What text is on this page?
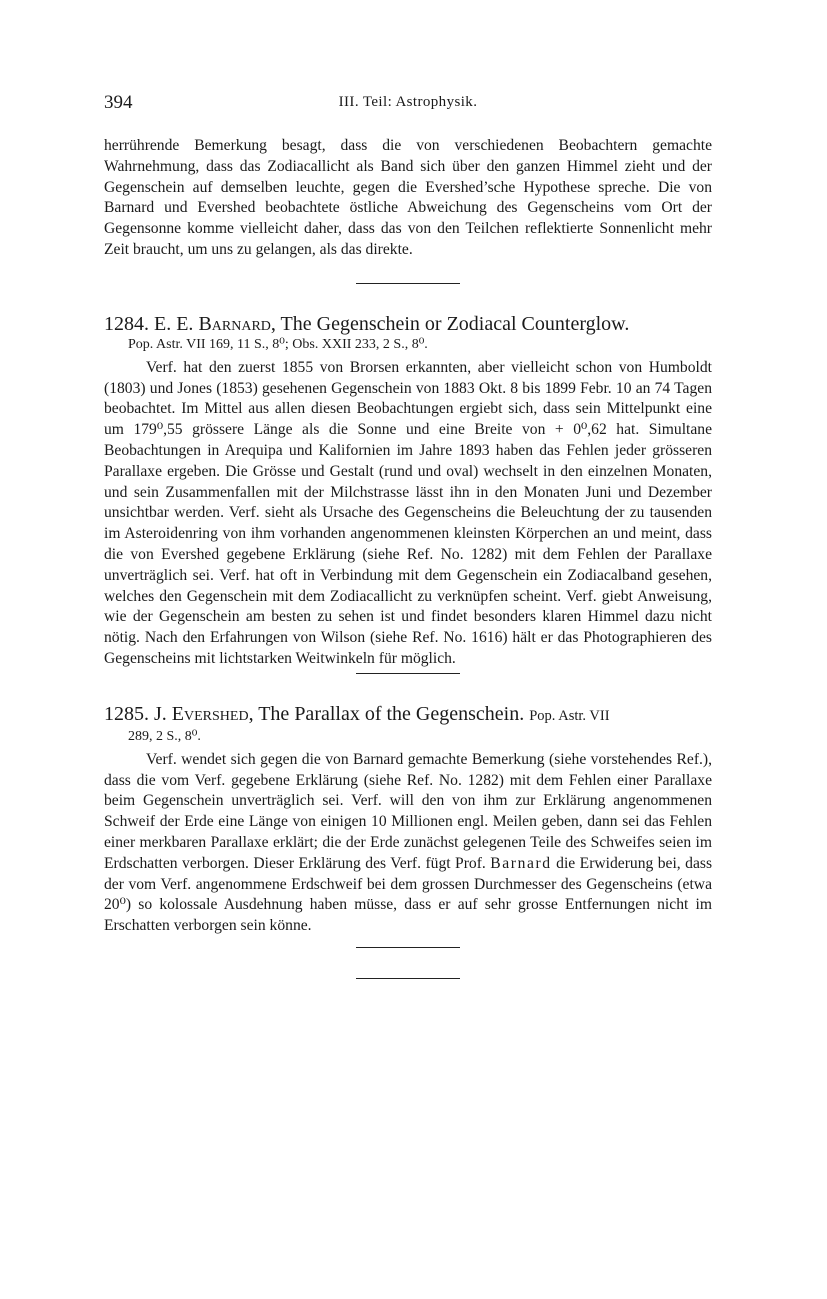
394	III. Teil: Astrophysik.

herrührende Bemerkung besagt, dass die von verschiedenen Beobachtern gemachte Wahrnehmung, dass das Zodiacallicht als Band sich über den ganzen Himmel zieht und der Gegenschein auf demselben leuchte, gegen die Evershed’sche Hypothese spreche. Die von Barnard und Evershed beobachtete östliche Abweichung des Gegenscheins vom Ort der Gegensonne komme vielleicht daher, dass das von den Teilchen reflektierte Sonnenlicht mehr Zeit braucht, um uns zu gelangen, als das direkte.

1284. E. E. Barnard, The Gegenschein or Zodiacal Counterglow.

Pop. Astr. VII 169, 11 S., 8⁰; Obs. XXII 233, 2 S., 8⁰.

Verf. hat den zuerst 1855 von Brorsen erkannten, aber vielleicht schon von Humboldt (1803) und Jones (1853) gesehenen Gegenschein von 1883 Okt. 8 bis 1899 Febr. 10 an 74 Tagen beobachtet. Im Mittel aus allen diesen Beobachtungen ergiebt sich, dass sein Mittelpunkt eine um 179⁰,55 grössere Länge als die Sonne und eine Breite von + 0⁰,62 hat. Simultane Beobachtungen in Arequipa und Kalifornien im Jahre 1893 haben das Fehlen jeder grösseren Parallaxe ergeben. Die Grösse und Gestalt (rund und oval) wechselt in den einzelnen Monaten, und sein Zusammenfallen mit der Milchstrasse lässt ihn in den Monaten Juni und Dezember unsichtbar werden. Verf. sieht als Ursache des Gegenscheins die Beleuchtung der zu tausenden im Asteroidenring von ihm vorhanden angenommenen kleinsten Körperchen an und meint, dass die von Evershed gegebene Erklärung (siehe Ref. No. 1282) mit dem Fehlen der Parallaxe unverträglich sei. Verf. hat oft in Verbindung mit dem Gegenschein ein Zodiacalband gesehen, welches den Gegenschein mit dem Zodiacallicht zu verknüpfen scheint. Verf. giebt Anweisung, wie der Gegenschein am besten zu sehen ist und findet besonders klaren Himmel dazu nicht nötig. Nach den Erfahrungen von Wilson (siehe Ref. No. 1616) hält er das Photographieren des Gegenscheins mit lichtstarken Weitwinkeln für möglich.

1285. J. Evershed, The Parallax of the Gegenschein. Pop. Astr. VII

289, 2 S., 8⁰.

Verf. wendet sich gegen die von Barnard gemachte Bemerkung (siehe vorstehendes Ref.), dass die vom Verf. gegebene Erklärung (siehe Ref. No. 1282) mit dem Fehlen einer Parallaxe beim Gegenschein unverträglich sei. Verf. will den von ihm zur Erklärung angenommenen Schweif der Erde eine Länge von einigen 10 Millionen engl. Meilen geben, dann sei das Fehlen einer merkbaren Parallaxe erklärt; die der Erde zunächst gelegenen Teile des Schweifes seien im Erdschatten verborgen. Dieser Erklärung des Verf. fügt Prof. Barnard die Erwiderung bei, dass der vom Verf. angenommene Erdschweif bei dem grossen Durchmesser des Gegenscheins (etwa 20⁰) so kolossale Ausdehnung haben müsse, dass er auf sehr grosse Entfernungen nicht im Erschatten verborgen sein könne.
